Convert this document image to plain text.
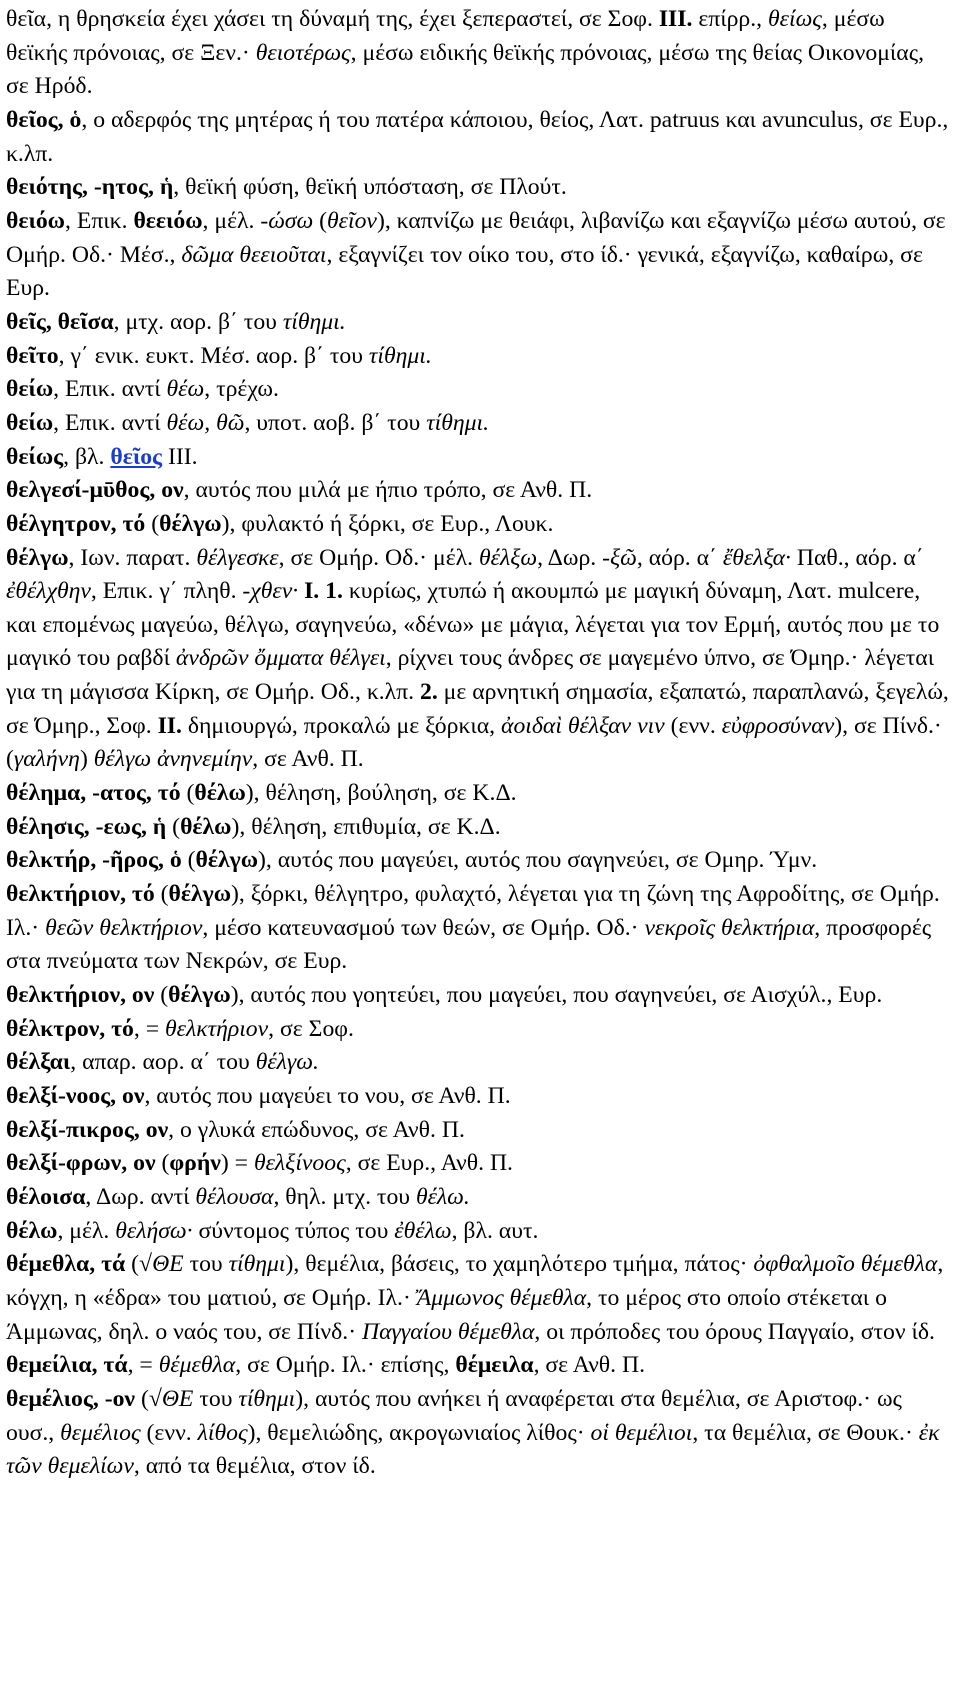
θεῖα, η θρησκεία έχει χάσει τη δύναμή της, έχει ξεπεραστεί, σε Σοφ. III. επίρρ., θείως, μέσω θεϊκής πρόνοιας, σε Ξεν.· θειοτέρως, μέσω ειδικής θεϊκής πρόνοιας, μέσω της θείας Οικονομίας, σε Ηρόδ.

θεῖος, ὁ, ο αδερφός της μητέρας ή του πατέρα κάποιου, θείος, Λατ. patruus και avunculus, σε Ευρ., κ.λπ.

θειότης, -ητος, ἡ, θεϊκή φύση, θεϊκή υπόσταση, σε Πλούτ.

θειόω, Επικ. θεειόω, μέλ. -ώσω (θεῖον), καπνίζω με θειάφι, λιβανίζω και εξαγνίζω μέσω αυτού, σε Ομήρ. Οδ.· Μέσ., δῶμα θεειοῦται, εξαγνίζει τον οίκο του, στο ίδ.· γενικά, εξαγνίζω, καθαίρω, σε Ευρ.

θεῖς, θεῖσα, μτχ. αορ. β΄ του τίθημι.

θεῖτο, γ΄ ενικ. ευκτ. Μέσ. αορ. β΄ του τίθημι.

θείω, Επικ. αντί θέω, τρέχω.

θείω, Επικ. αντί θέω, θῶ, υποτ. αοβ. β΄ του τίθημι.

θείως, βλ. θεῖος III.

θελγεσί-μῡθος, ον, αυτός που μιλά με ήπιο τρόπο, σε Ανθ. Π.

θέλγητρον, τό (θέλγω), φυλακτό ή ξόρκι, σε Ευρ., Λουκ.

θέλγω, Ιων. παρατ. θέλγεσκε, σε Ομήρ. Οδ.· μέλ. θέλξω, Δωρ. -ξῶ, αόρ. α΄ ἔθελξα· Παθ., αόρ. α΄ ἐθέλχθην, Επικ. γ΄ πληθ. -χθεν· I. 1. κυρίως, χτυπώ ή ακουμπώ με μαγική δύναμη, Λατ. mulcere, και επομένως μαγεύω, θέλγω, σαγηνεύω, «δένω» με μάγια, λέγεται για τον Ερμή, αυτός που με το μαγικό του ραβδί ἀνδρῶν ὄμματα θέλγει, ρίχνει τους άνδρες σε μαγεμένο ύπνο, σε Όμηρ.· λέγεται για τη μάγισσα Κίρκη, σε Ομήρ. Οδ., κ.λπ. 2. με αρνητική σημασία, εξαπατώ, παραπλανώ, ξεγελώ, σε Όμηρ., Σοφ. II. δημιουργώ, προκαλώ με ξόρκια, ἀοιδαὶ θέλξαν νιν (ενν. εὐφροσύναν), σε Πίνδ.· (γαλήνη) θέλγω ἀνηνεμίην, σε Ανθ. Π.

θέλημα, -ατος, τό (θέλω), θέληση, βούληση, σε Κ.Δ.

θέλησις, -εως, ἡ (θέλω), θέληση, επιθυμία, σε Κ.Δ.

θελκτήρ, -ῆρος, ὁ (θέλγω), αυτός που μαγεύει, αυτός που σαγηνεύει, σε Ομηρ. Ύμν.

θελκτήριον, τό (θέλγω), ξόρκι, θέλγητρο, φυλαχτό, λέγεται για τη ζώνη της Αφροδίτης, σε Ομήρ. Ιλ.· θεῶν θελκτήριον, μέσο κατευνασμού των θεών, σε Ομήρ. Οδ.· νεκροῖς θελκτήρια, προσφορές στα πνεύματα των Νεκρών, σε Ευρ.

θελκτήριον, ον (θέλγω), αυτός που γοητεύει, που μαγεύει, που σαγηνεύει, σε Αισχύλ., Ευρ.

θέλκτρον, τό, = θελκτήριον, σε Σοφ.

θέλξαι, απαρ. αορ. α΄ του θέλγω.

θελξί-νοος, ον, αυτός που μαγεύει το νου, σε Ανθ. Π.

θελξί-πικρος, ον, ο γλυκά επώδυνος, σε Ανθ. Π.

θελξί-φρων, ον (φρήν) = θελξίνοος, σε Ευρ., Ανθ. Π.

θέλοισα, Δωρ. αντί θέλουσα, θηλ. μτχ. του θέλω.

θέλω, μέλ. θελήσω· σύντομος τύπος του ἐθέλω, βλ. αυτ.

θέμεθλα, τά (√ΘΕ του τίθημι), θεμέλια, βάσεις, το χαμηλότερο τμήμα, πάτος· ὀφθαλμοῖο θέμεθλα, κόγχη, η «έδρα» του ματιού, σε Ομήρ. Ιλ.· Ἄμμωνος θέμεθλα, το μέρος στο οποίο στέκεται ο Άμμωνας, δηλ. ο ναός του, σε Πίνδ.· Παγγαίου θέμεθλα, οι πρόποδες του όρους Παγγαίο, στον ίδ.

θεμείλια, τά, = θέμεθλα, σε Ομήρ. Ιλ.· επίσης, θέμειλα, σε Ανθ. Π.

θεμέλιος, -ον (√ΘΕ του τίθημι), αυτός που ανήκει ή αναφέρεται στα θεμέλια, σε Αριστοφ.· ως ουσ., θεμέλιος (ενν. λίθος), θεμελιώδης, ακρογωνιαίος λίθος· οἱ θεμέλιοι, τα θεμέλια, σε Θουκ.· ἐκ τῶν θεμελίων, από τα θεμέλια, στον ίδ.
